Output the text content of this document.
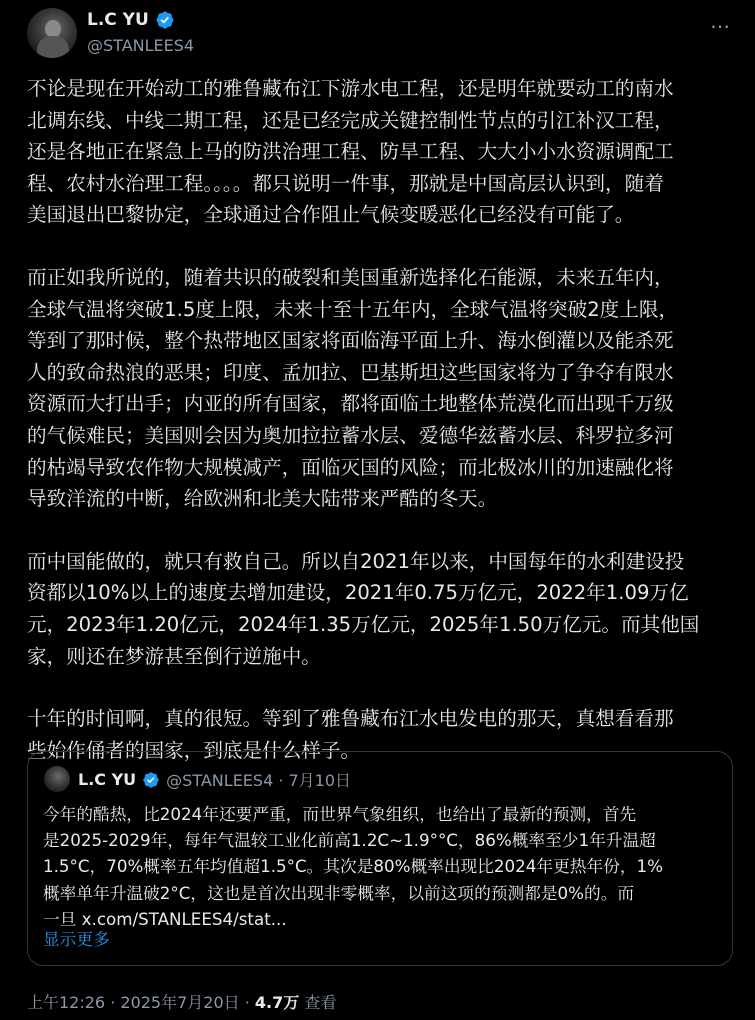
L.C YU
@STANLEES4
⋯

不论是现在开始动工的雅鲁藏布江下游水电工程，还是明年就要动工的南水
北调东线、中线二期工程，还是已经完成关键控制性节点的引江补汉工程，
还是各地正在紧急上马的防洪治理工程、防旱工程、大大小小水资源调配工
程、农村水治理工程。。。。都只说明一件事，那就是中国高层认识到，随着
美国退出巴黎协定，全球通过合作阻止气候变暖恶化已经没有可能了。

而正如我所说的，随着共识的破裂和美国重新选择化石能源，未来五年内，
全球气温将突破1.5度上限，未来十至十五年内，全球气温将突破2度上限，
等到了那时候，整个热带地区国家将面临海平面上升、海水倒灌以及能杀死
人的致命热浪的恶果；印度、孟加拉、巴基斯坦这些国家将为了争夺有限水
资源而大打出手；内亚的所有国家，都将面临土地整体荒漠化而出现千万级
的气候难民；美国则会因为奥加拉拉蓄水层、爱德华兹蓄水层、科罗拉多河
的枯竭导致农作物大规模减产，面临灭国的风险；而北极冰川的加速融化将
导致洋流的中断，给欧洲和北美大陆带来严酷的冬天。

而中国能做的，就只有救自己。所以自2021年以来，中国每年的水利建设投
资都以10%以上的速度去增加建设，2021年0.75万亿元，2022年1.09万亿
元，2023年1.20亿元，2024年1.35万亿元，2025年1.50万亿元。而其他国
家，则还在梦游甚至倒行逆施中。

十年的时间啊，真的很短。等到了雅鲁藏布江水电发电的那天，真想看看那
些始作俑者的国家，到底是什么样子。

L.C YU @STANLEES4 · 7月10日
今年的酷热，比2024年还要严重，而世界气象组织，也给出了最新的预测，首先
是2025-2029年，每年气温较工业化前高1.2C~1.9°°C，86%概率至少1年升温超
1.5°C，70%概率五年均值超1.5°C。其次是80%概率出现比2024年更热年份，1%
概率单年升温破2°C，这也是首次出现非零概率，以前这项的预测都是0%的。而
一旦 x.com/STANLEES4/stat...
显示更多
上午12:26 · 2025年7月20日 · 4.7万 查看
